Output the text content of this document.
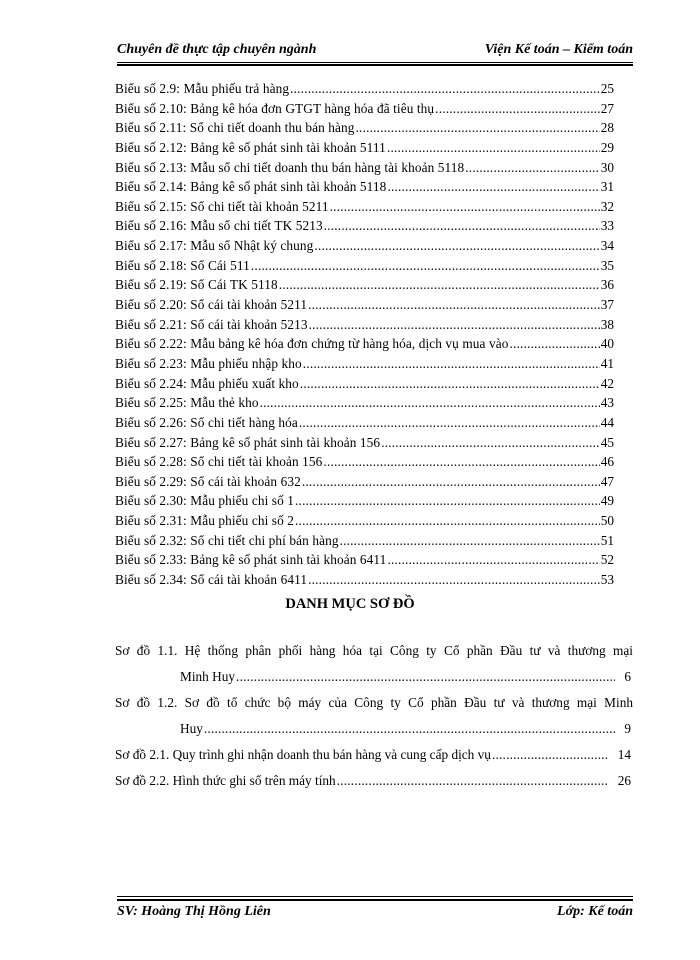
Chuyên đề thực tập chuyên ngành	Viện Kế toán – Kiểm toán
Biểu số 2.9: Mẫu phiếu trả hàng .....	25
Biểu số 2.10: Bảng kê hóa đơn GTGT hàng hóa đã tiêu thụ .....	27
Biểu số 2.11: Sổ chi tiết doanh thu bán hàng .....	28
Biểu số 2.12: Bảng kê số phát sinh tài khoản 5111 .....	29
Biểu số 2.13: Mẫu sổ chi tiết doanh thu bán hàng tài khoản 5118 .....	30
Biểu số 2.14: Bảng kê số phát sinh tài khoản 5118 .....	31
Biểu số 2.15: Sổ chi tiết tài khoản 5211 .....	32
Biểu số 2.16: Mẫu sổ chi tiết TK 5213 .....	33
Biểu số 2.17: Mẫu sổ Nhật ký chung .....	34
Biểu số 2.18: Sổ Cái 511 .....	35
Biểu số 2.19: Sổ Cái TK 5118 .....	36
Biểu số 2.20: Sổ cái tài khoản 5211 .....	37
Biểu số 2.21: Sổ cái tài khoản 5213 .....	38
Biểu số 2.22: Mẫu bảng kê hóa đơn chứng từ hàng hóa, dịch vụ mua vào .....	40
Biểu số 2.23: Mẫu phiếu nhập kho .....	41
Biểu số 2.24: Mẫu phiếu xuất kho .....	42
Biểu số 2.25: Mẫu thẻ kho .....	43
Biểu số 2.26: Sổ chi tiết hàng hóa .....	44
Biểu số 2.27: Bảng kê số phát sinh tài khoản 156 .....	45
Biểu số 2.28: Sổ chi tiết tài khoản 156 .....	46
Biểu số 2.29: Sổ cái tài khoản 632 .....	47
Biểu số 2.30: Mẫu phiếu chi số 1 .....	49
Biểu số 2.31: Mẫu phiếu chi số 2 .....	50
Biểu số 2.32: Sổ chi tiết chi phí bán hàng .....	51
Biểu số 2.33: Bảng kê số phát sinh tài khoản 6411 .....	52
Biểu số 2.34: Sổ cái tài khoản 6411 .....	53
DANH MỤC SƠ ĐỒ
Sơ đồ 1.1. Hệ thống phân phối hàng hóa tại Công ty Cổ phần Đầu tư và thương mại
Minh Huy .....	6
Sơ đồ 1.2. Sơ đồ tổ chức bộ máy của Công ty Cổ phần Đầu tư và thương mại Minh
Huy .....	9
Sơ đồ 2.1. Quy trình ghi nhận doanh thu bán hàng và cung cấp dịch vụ .....	14
Sơ đồ 2.2. Hình thức ghi sổ trên máy tính .....	26
SV: Hoàng Thị Hồng Liên	Lớp: Kế toán
